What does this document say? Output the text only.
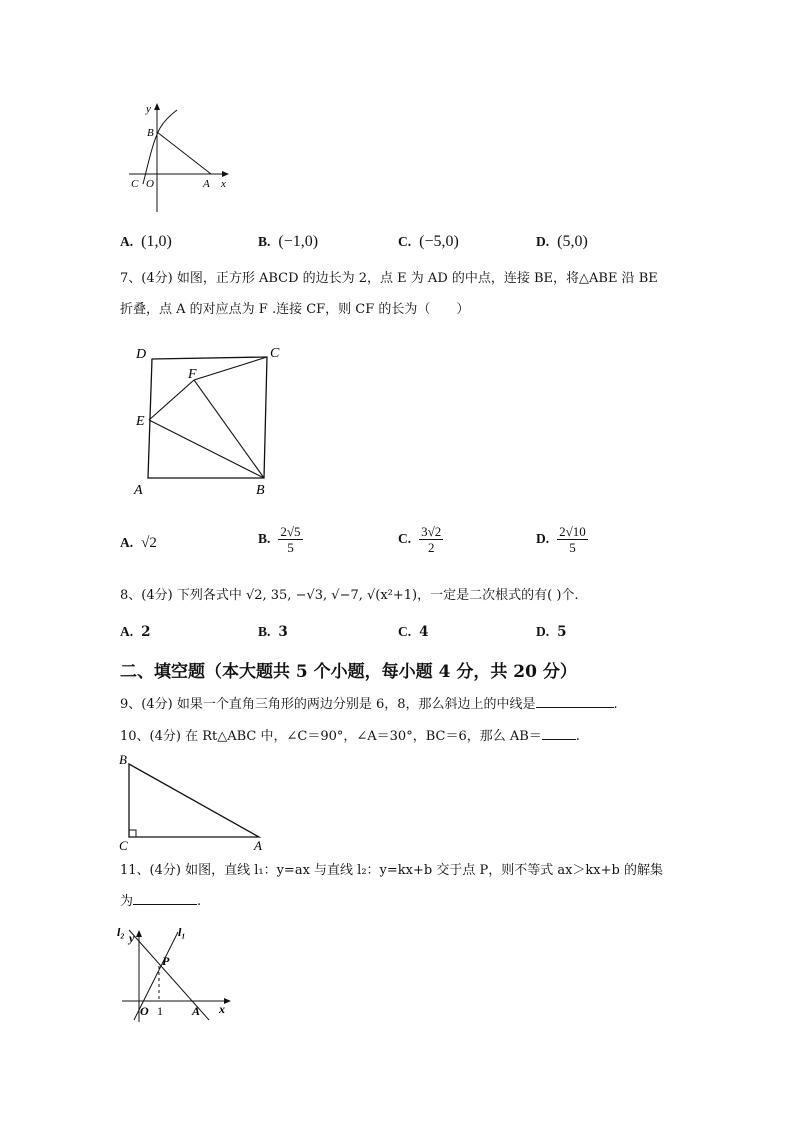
y
B
C O	A x
A. (1,0)	B. (−1,0)	C. (−5,0)	D. (5,0)
7、(4分) 如图，正方形 ABCD 的边长为 2，点 E 为 AD 的中点，连接 BE，将△ABE 沿 BE
折叠，点 A 的对应点为 F .连接 CF，则 CF 的长为（　　）
D	C
F
E
A	B
A. √2	B. $\frac{2√5}{5}$	C. $\frac{3√2}{2}$	D. $\frac{2√10}{5}$
8、(4分) 下列各式中 √2, 35, −√3, √−7, √(x²+1)，一定是二次根式的有( )个.
A. 2	B. 3	C. 4	D. 5
二、填空题（本大题共 5 个小题，每小题 4 分，共 20 分）
9、(4分) 如果一个直角三角形的两边分别是 6，8，那么斜边上的中线是	.
10、(4分) 在 Rt△ABC 中，∠C＝90°，∠A＝30°，BC＝6，那么 AB＝	.
B
C	A
11、(4分) 如图，直线 l₁：y=ax 与直线 l₂：y=kx+b 交于点 P，则不等式 ax＞kx+b 的解集
为	.
l₂	l₁
y
P
O 1 A x
